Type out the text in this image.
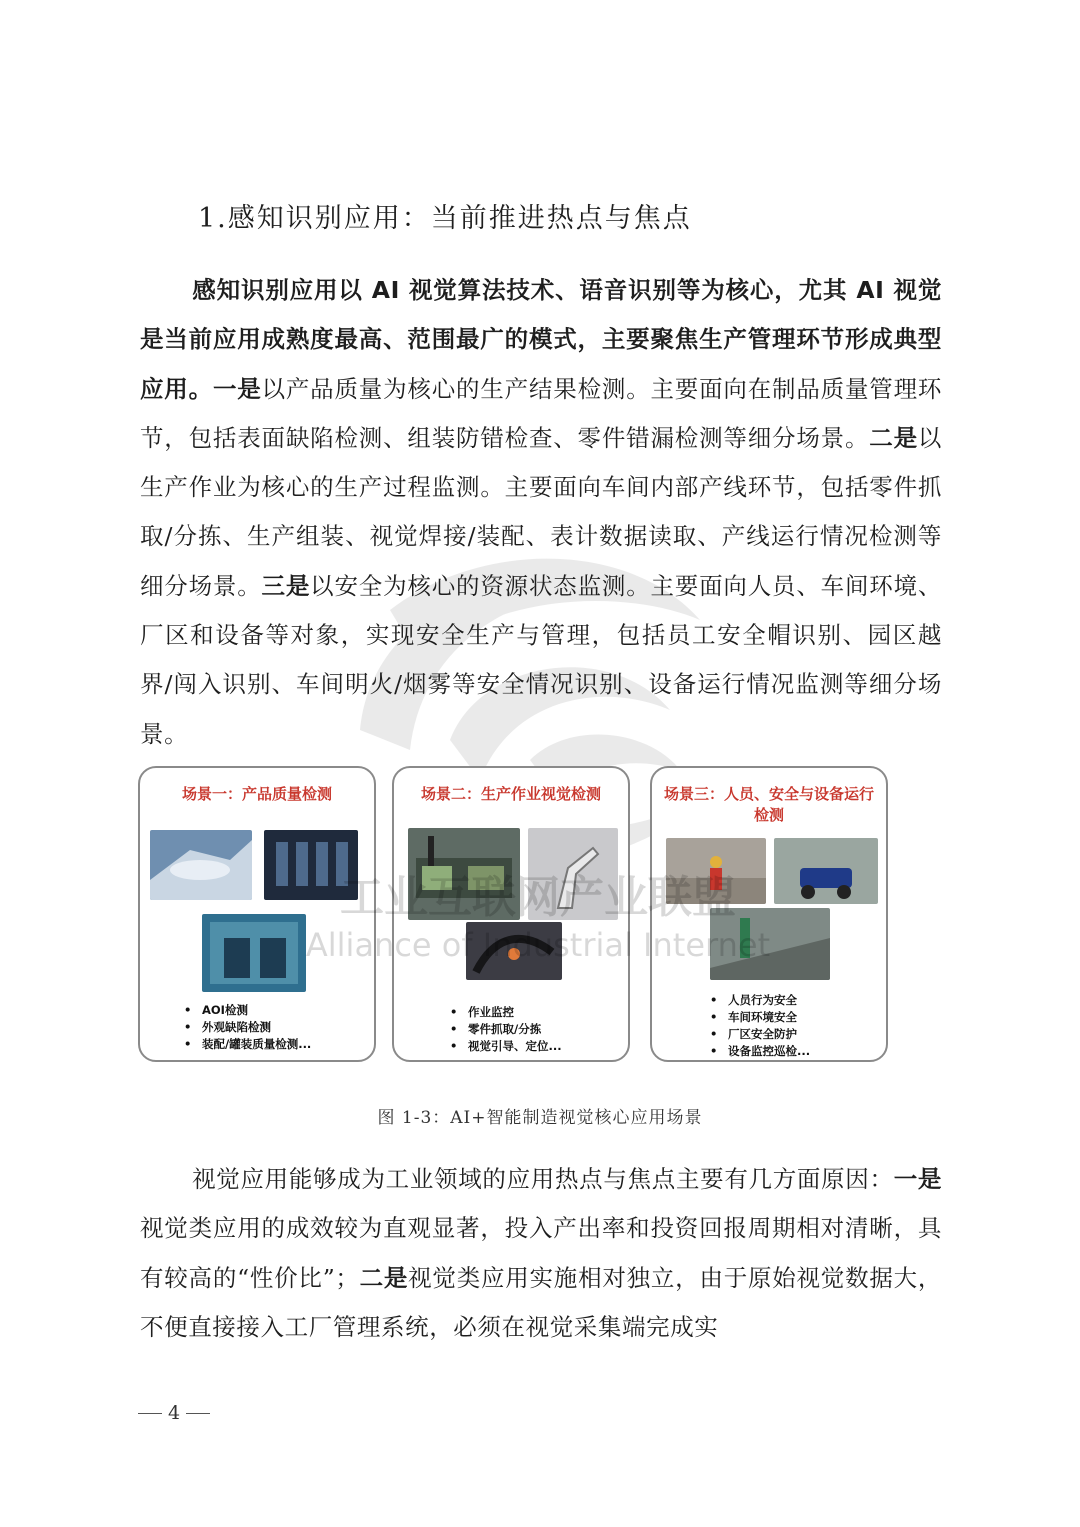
1.感知识别应用：当前推进热点与焦点
感知识别应用以 AI 视觉算法技术、语音识别等为核心，尤其 AI 视觉是当前应用成熟度最高、范围最广的模式，主要聚焦生产管理环节形成典型应用。一是以产品质量为核心的生产结果检测。主要面向在制品质量管理环节，包括表面缺陷检测、组装防错检查、零件错漏检测等细分场景。二是以生产作业为核心的生产过程监测。主要面向车间内部产线环节，包括零件抓取/分拣、生产组装、视觉焊接/装配、表计数据读取、产线运行情况检测等细分场景。三是以安全为核心的资源状态监测。主要面向人员、车间环境、厂区和设备等对象，实现安全生产与管理，包括员工安全帽识别、园区越界/闯入识别、车间明火/烟雾等安全情况识别、设备运行情况监测等细分场景。
场景一：产品质量检测
• AOI检测
• 外观缺陷检测
• 装配/罐装质量检测...
场景二：生产作业视觉检测
• 作业监控
• 零件抓取/分拣
• 视觉引导、定位...
场景三：人员、安全与设备运行检测
• 人员行为安全
• 车间环境安全
• 厂区安全防护
• 设备监控巡检...
图 1-3：AI+智能制造视觉核心应用场景
视觉应用能够成为工业领域的应用热点与焦点主要有几方面原因：一是视觉类应用的成效较为直观显著，投入产出率和投资回报周期相对清晰，具有较高的“性价比”；二是视觉类应用实施相对独立，由于原始视觉数据大，不便直接接入工厂管理系统，必须在视觉采集端完成实
4
